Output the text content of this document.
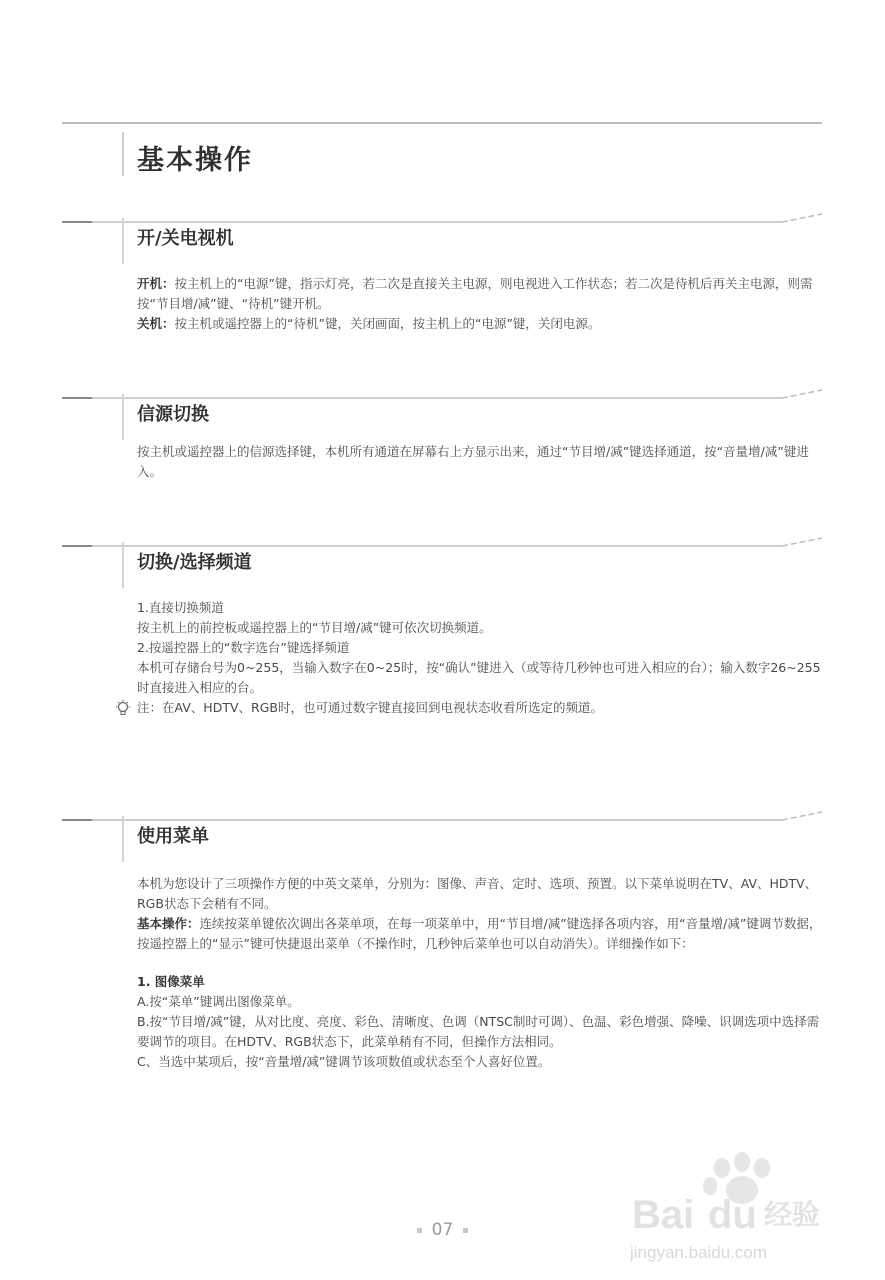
基本操作
开/关电视机

开机：按主机上的“电源”键，指示灯亮，若二次是直接关主电源，则电视进入工作状态；若二次是待机后再关主电源，则需按“节目增/减”键、“待机”键开机。

关机：按主机或遥控器上的“待机”键，关闭画面，按主机上的“电源”键，关闭电源。

信源切换

按主机或遥控器上的信源选择键，本机所有通道在屏幕右上方显示出来，通过“节目增/减”键选择通道，按“音量增/减”键进入。

切换/选择频道

1.直接切换频道

按主机上的前控板或遥控器上的“节目增/减”键可依次切换频道。

2.按遥控器上的“数字选台”键选择频道

本机可存储台号为0~255，当输入数字在0~25时，按“确认”键进入（或等待几秒钟也可进入相应的台）；输入数字26~255时直接进入相应的台。

注：在AV、HDTV、RGB时，也可通过数字键直接回到电视状态收看所选定的频道。

使用菜单

本机为您设计了三项操作方便的中英文菜单，分别为：图像、声音、定时、选项、预置。以下菜单说明在TV、AV、HDTV、RGB状态下会稍有不同。

基本操作：连续按菜单键依次调出各菜单项，在每一项菜单中，用“节目增/减”键选择各项内容，用“音量增/减”键调节数据，按遥控器上的“显示”键可快捷退出菜单（不操作时，几秒钟后菜单也可以自动消失）。详细操作如下：

1. 图像菜单

A.按“菜单”键调出图像菜单。

B.按“节目增/减”键，从对比度、亮度、彩色、清晰度、色调（NTSC制时可调）、色温、彩色增强、降噪、识调选项中选择需要调节的项目。在HDTV、RGB状态下，此菜单稍有不同，但操作方法相同。

C、当选中某项后，按“音量增/减”键调节该项数值或状态至个人喜好位置。

07	Bai du 经验
jingyan.baidu.com
